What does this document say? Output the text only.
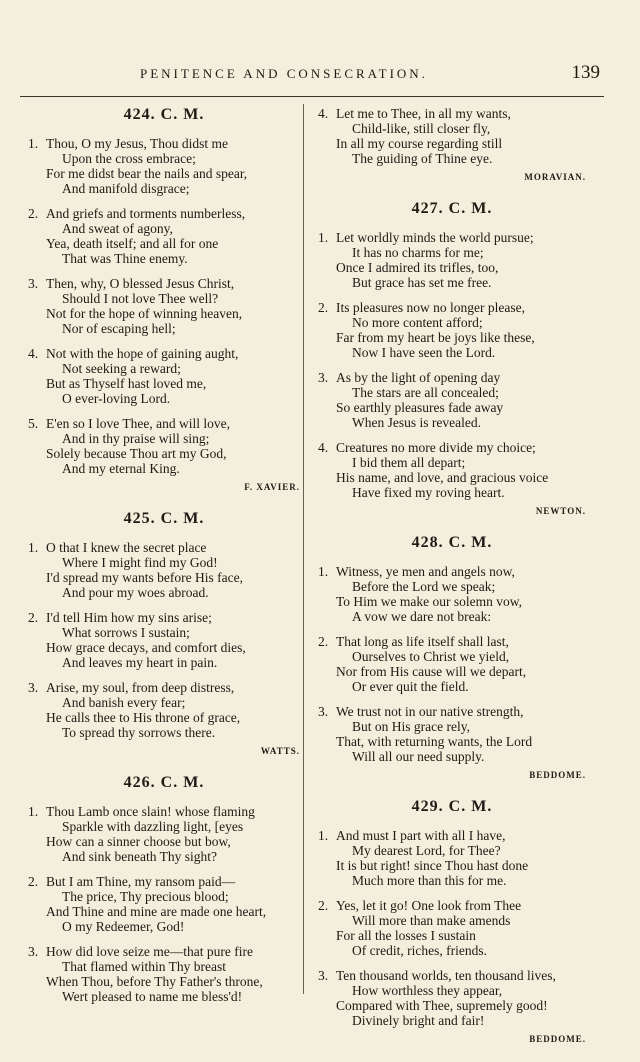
PENITENCE AND CONSECRATION.	139
424. C. M.
1. Thou, O my Jesus, Thou didst me
Upon the cross embrace;
For me didst bear the nails and spear,
And manifold disgrace;
2. And griefs and torments numberless,
And sweat of agony,
Yea, death itself; and all for one
That was Thine enemy.
3. Then, why, O blessed Jesus Christ,
Should I not love Thee well?
Not for the hope of winning heaven,
Nor of escaping hell;
4. Not with the hope of gaining aught,
Not seeking a reward;
But as Thyself hast loved me,
O ever-loving Lord.
5. E'en so I love Thee, and will love,
And in thy praise will sing;
Solely because Thou art my God,
And my eternal King.
F. XAVIER.
425. C. M.
1. O that I knew the secret place
Where I might find my God!
I'd spread my wants before His face,
And pour my woes abroad.
2. I'd tell Him how my sins arise;
What sorrows I sustain;
How grace decays, and comfort dies,
And leaves my heart in pain.
3. Arise, my soul, from deep distress,
And banish every fear;
He calls thee to His throne of grace,
To spread thy sorrows there.
WATTS.
426. C. M.
1. Thou Lamb once slain! whose flaming
Sparkle with dazzling light, [eyes
How can a sinner choose but bow,
And sink beneath Thy sight?
2. But I am Thine, my ransom paid—
The price, Thy precious blood;
And Thine and mine are made one heart,
O my Redeemer, God!
3. How did love seize me—that pure fire
That flamed within Thy breast
When Thou, before Thy Father's throne,
Wert pleased to name me bless'd!
4. Let me to Thee, in all my wants,
Child-like, still closer fly,
In all my course regarding still
The guiding of Thine eye.
MORAVIAN.
427. C. M.
1. Let worldly minds the world pursue;
It has no charms for me;
Once I admired its trifles, too,
But grace has set me free.
2. Its pleasures now no longer please,
No more content afford;
Far from my heart be joys like these,
Now I have seen the Lord.
3. As by the light of opening day
The stars are all concealed;
So earthly pleasures fade away
When Jesus is revealed.
4. Creatures no more divide my choice;
I bid them all depart;
His name, and love, and gracious voice
Have fixed my roving heart.
NEWTON.
428. C. M.
1. Witness, ye men and angels now,
Before the Lord we speak;
To Him we make our solemn vow,
A vow we dare not break:
2. That long as life itself shall last,
Ourselves to Christ we yield,
Nor from His cause will we depart,
Or ever quit the field.
3. We trust not in our native strength,
But on His grace rely,
That, with returning wants, the Lord
Will all our need supply.
BEDDOME.
429. C. M.
1. And must I part with all I have,
My dearest Lord, for Thee?
It is but right! since Thou hast done
Much more than this for me.
2. Yes, let it go! One look from Thee
Will more than make amends
For all the losses I sustain
Of credit, riches, friends.
3. Ten thousand worlds, ten thousand lives,
How worthless they appear,
Compared with Thee, supremely good!
Divinely bright and fair!
BEDDOME.
